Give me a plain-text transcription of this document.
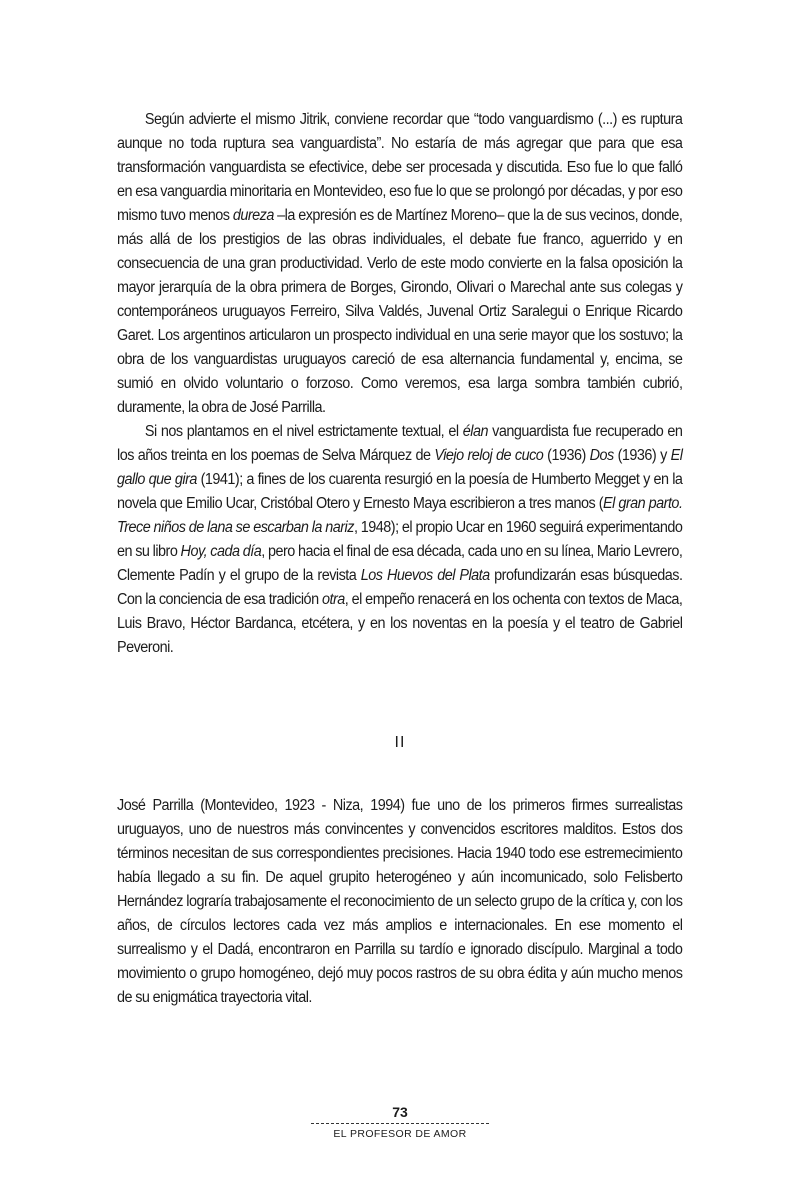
Según advierte el mismo Jitrik, conviene recordar que “todo vanguardismo (...) es ruptura aunque no toda ruptura sea vanguardista”. No estaría de más agregar que para que esa transformación vanguardista se efectivice, debe ser procesada y discutida. Eso fue lo que falló en esa vanguardia minoritaria en Montevideo, eso fue lo que se prolongó por décadas, y por eso mismo tuvo menos dureza –la expresión es de Martínez Moreno– que la de sus vecinos, donde, más allá de los prestigios de las obras individuales, el debate fue franco, aguerrido y en consecuencia de una gran productividad. Verlo de este modo convierte en la falsa oposición la mayor jerarquía de la obra primera de Borges, Girondo, Olivari o Marechal ante sus colegas y contemporáneos uruguayos Ferreiro, Silva Valdés, Juvenal Ortiz Saralegui o Enrique Ricardo Garet. Los argentinos articularon un prospecto individual en una serie mayor que los sostuvo; la obra de los vanguardistas uruguayos careció de esa alternancia fundamental y, encima, se sumió en olvido voluntario o forzoso. Como veremos, esa larga sombra también cubrió, duramente, la obra de José Parrilla.

Si nos plantamos en el nivel estrictamente textual, el élan vanguardista fue recuperado en los años treinta en los poemas de Selva Márquez de Viejo reloj de cuco (1936) Dos (1936) y El gallo que gira (1941); a fines de los cuarenta resurgió en la poesía de Humberto Megget y en la novela que Emilio Ucar, Cristóbal Otero y Ernesto Maya escribieron a tres manos (El gran parto. Trece niños de lana se escarban la nariz, 1948); el propio Ucar en 1960 seguirá experimentando en su libro Hoy, cada día, pero hacia el final de esa década, cada uno en su línea, Mario Levrero, Clemente Padín y el grupo de la revista Los Huevos del Plata profundizarán esas búsquedas. Con la conciencia de esa tradición otra, el empeño renacerá en los ochenta con textos de Maca, Luis Bravo, Héctor Bardanca, etcétera, y en los noventas en la poesía y el teatro de Gabriel Peveroni.

II

José Parrilla (Montevideo, 1923 - Niza, 1994) fue uno de los primeros firmes surrealistas uruguayos, uno de nuestros más convincentes y convencidos escritores malditos. Estos dos términos necesitan de sus correspondientes precisiones. Hacia 1940 todo ese estremecimiento había llegado a su fin. De aquel grupito heterogéneo y aún incomunicado, solo Felisberto Hernández lograría trabajosamente el reconocimiento de un selecto grupo de la crítica y, con los años, de círculos lectores cada vez más amplios e internacionales. En ese momento el surrealismo y el Dadá, encontraron en Parrilla su tardío e ignorado discípulo. Marginal a todo movimiento o grupo homogéneo, dejó muy pocos rastros de su obra édita y aún mucho menos de su enigmática trayectoria vital.

73
EL PROFESOR DE AMOR
